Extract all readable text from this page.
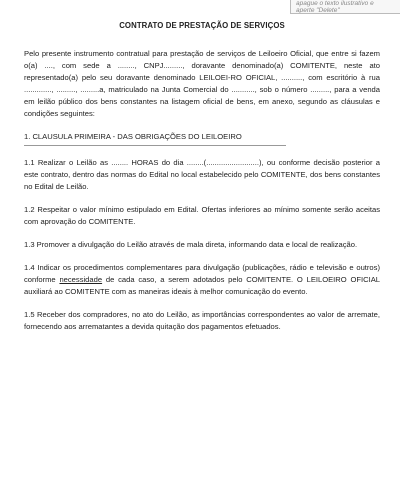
apague o texto ilustrativo e
aperte "Delete"
CONTRATO DE PRESTAÇÃO DE SERVIÇOS

Pelo presente instrumento contratual para prestação de serviços de Leiloeiro Oficial, que entre si fazem o(a) ...., com sede a ........, CNPJ........., doravante denominado(a) COMITENTE, neste ato representado(a) pelo seu doravante denominado LEILOEI-RO OFICIAL, .........., com escritório à rua ............., ........., .........a, matriculado na Junta Comercial do ..........., sob o número ........., para a venda em leilão público dos bens constantes na listagem oficial de bens, em anexo, segundo as cláusulas e condições seguintes:

1. CLAUSULA PRIMEIRA - DAS OBRIGAÇÕES DO LEILOEIRO

1.1 Realizar o Leilão as ........ HORAS do dia ........(.........................), ou conforme decisão posterior a este contrato, dentro das normas do Edital no local estabelecido pelo COMITENTE, dos bens constantes no Edital de Leilão.

1.2 Respeitar o valor mínimo estipulado em Edital. Ofertas inferiores ao mínimo somente serão aceitas com aprovação do COMITENTE.

1.3 Promover a divulgação do Leilão através de mala direta, informando data e local de realização.

1.4 Indicar os procedimentos complementares para divulgação (publicações, rádio e televisão e outros) conforme necessidade de cada caso, a serem adotados pelo COMITENTE. O LEILOEIRO OFICIAL auxiliará ao COMITENTE com as maneiras ideais à melhor comunicação do evento.

1.5 Receber dos compradores, no ato do Leilão, as importâncias correspondentes ao valor de arremate, fornecendo aos arrematantes a devida quitação dos pagamentos efetuados.
